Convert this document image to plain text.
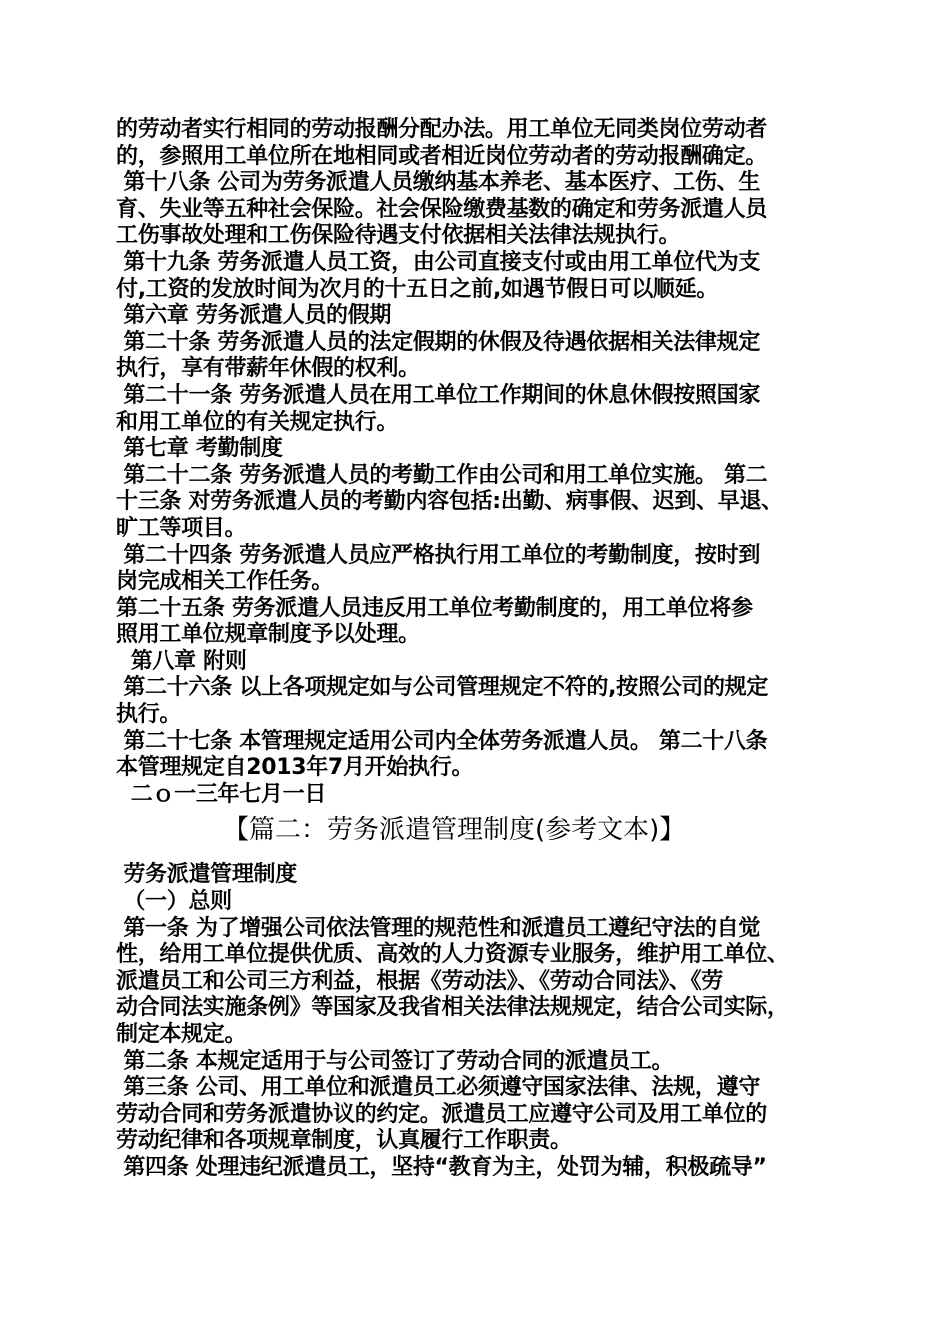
的劳动者实行相同的劳动报酬分配办法。用工单位无同类岗位劳动者
的，参照用工单位所在地相同或者相近岗位劳动者的劳动报酬确定。
第十八条 公司为劳务派遣人员缴纳基本养老、基本医疗、工伤、生
育、失业等五种社会保险。社会保险缴费基数的确定和劳务派遣人员
工伤事故处理和工伤保险待遇支付依据相关法律法规执行。
第十九条 劳务派遣人员工资，由公司直接支付或由用工单位代为支
付,工资的发放时间为次月的十五日之前,如遇节假日可以顺延。
第六章 劳务派遣人员的假期
第二十条 劳务派遣人员的法定假期的休假及待遇依据相关法律规定
执行，享有带薪年休假的权利。
第二十一条 劳务派遣人员在用工单位工作期间的休息休假按照国家
和用工单位的有关规定执行。
第七章 考勤制度
第二十二条 劳务派遣人员的考勤工作由公司和用工单位实施。 第二
十三条 对劳务派遣人员的考勤内容包括:出勤、病事假、迟到、早退、
旷工等项目。
第二十四条 劳务派遣人员应严格执行用工单位的考勤制度，按时到
岗完成相关工作任务。
第二十五条 劳务派遣人员违反用工单位考勤制度的，用工单位将参
照用工单位规章制度予以处理。
第八章 附则
第二十六条 以上各项规定如与公司管理规定不符的,按照公司的规定
执行。
第二十七条 本管理规定适用公司内全体劳务派遣人员。 第二十八条
本管理规定自2013年7月开始执行。
二ｏ一三年七月一日
【篇二：劳务派遣管理制度(参考文本)】
劳务派遣管理制度
（一）总则
第一条 为了增强公司依法管理的规范性和派遣员工遵纪守法的自觉
性，给用工单位提供优质、高效的人力资源专业服务，维护用工单位、
派遣员工和公司三方利益，根据《劳动法》、《劳动合同法》、《劳
动合同法实施条例》等国家及我省相关法律法规规定，结合公司实际，
制定本规定。
第二条 本规定适用于与公司签订了劳动合同的派遣员工。
第三条 公司、用工单位和派遣员工必须遵守国家法律、法规，遵守
劳动合同和劳务派遣协议的约定。派遣员工应遵守公司及用工单位的
劳动纪律和各项规章制度，认真履行工作职责。
第四条 处理违纪派遣员工，坚持“教育为主，处罚为辅，积极疏导”
